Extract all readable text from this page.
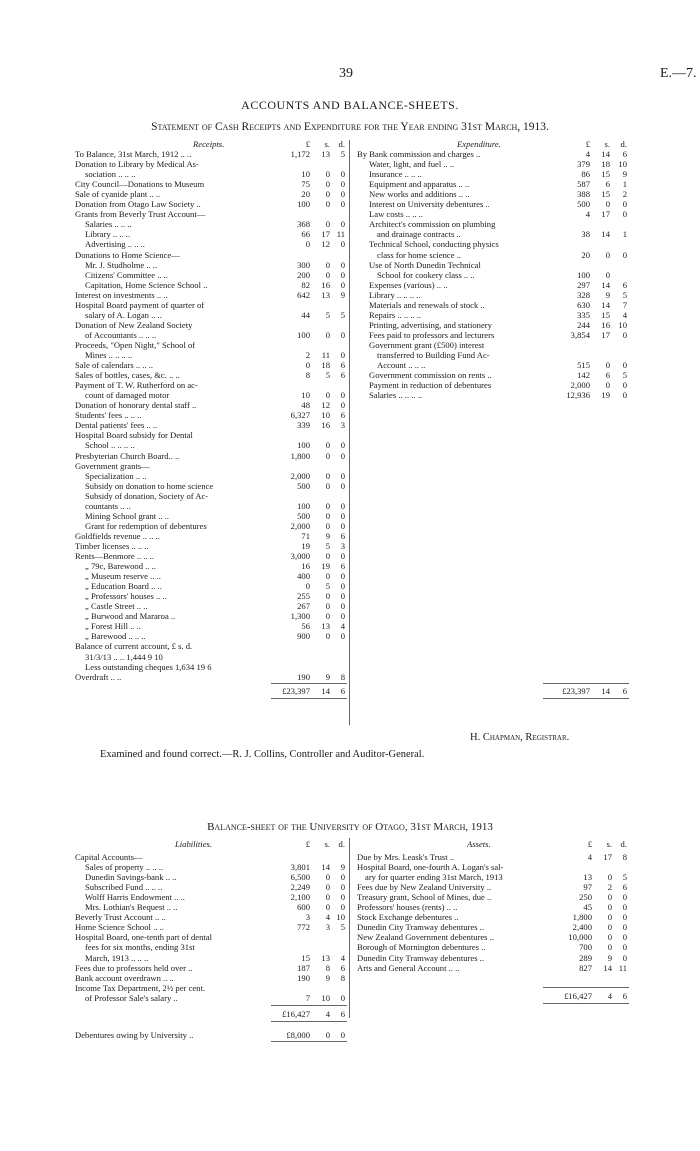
39	E.—7.
ACCOUNTS AND BALANCE-SHEETS.
Statement of Cash Receipts and Expenditure for the Year ending 31st March, 1913.
£	s. d.
Receipts.	£	s.	d.
Expenditure.
To Balance, 31st March, 1912 .. ..	1,172	13	5
Donation to Library by Medical As-
sociation .. .. ..	10	0	0
City Council—Donations to Museum	75	0	0
Sale of cyanide plant .. ..	20	0	0
Donation from Otago Law Society ..	100	0	0
Grants from Beverly Trust Account—
Salaries .. .. ..	368	0	0
Library .. .. ..	66	17 11
Advertising .. .. ..	0	12	0
Donations to Home Science—
Mr. J. Studholme .. ..	300	0	0
Citizens' Committee .. ..	200	0	0
Capitation, Home Science School ..	82	16	0
Interest on investments .. ..	642	13	9
Hospital Board payment of quarter of
salary of A. Logan .. ..	44	5	5
Donation of New Zealand Society
of Accountants .. .. ..	100	0	0
Proceeds, "Open Night," School of
Mines .. .. .. ..	2	11	0
Sale of calendars .. .. ..	0	18	6
Sales of bottles, cases, &c. .. ..	8	5	6
Payment of T. W. Rutherford on ac-
count of damaged motor	10	0	0
Donation of honorary dental staff ..	48	12	0
Students' fees .. .. ..	6,327	10	6
Dental patients' fees .. ..	339	16	3
Hospital Board subsidy for Dental
School .. .. .. ..	100	0	0
Presbyterian Church Board.. ..	1,800	0	0
Government grants—
Specialization .. ..	2,000	0	0
Subsidy on donation to home science	500	0	0
Subsidy of donation, Society of Ac-
countants .. ..	100	0	0
Mining School grant .. ..	500	0	0
Grant for redemption of debentures	2,000	0	0
Goldfields revenue .. .. ..	71	9	6
Timber licenses .. .. ..	19	5	3
Rents—Benmore .. .. ..	3,000	0	0
„ 79c, Barewood .. ..	16	19	6
„ Museum reserve .. ..	400	0	0
„ Education Board .. ..	0	5	0
„ Professors' houses .. ..	255	0	0
„ Castle Street .. ..	267	0	0
„ Burwood and Mararoa ..	1,300	0	0
„ Forest Hill .. ..	56	13	4
„ Barewood .. .. ..	900	0	0
Balance of current account, £ s. d.
31/3/13 .. .. 1,444 9 10
Less outstanding cheques 1,634 19 6
Overdraft .. ..	190	9	8
£23,397	14	6
By Bank commission and charges ..	4	14	6
Water, light, and fuel .. ..	379	18 10
Insurance .. .. ..	86	15	9
Equipment and apparatus .. ..	587	6	1
New works and additions .. ..	388	15	2
Interest on University debentures ..	500	0	0
Law costs .. .. ..	4	17	0
Architect's commission on plumbing
and drainage contracts ..	38	14	1
Technical School, conducting physics
class for home science ..	20	0	0
Use of North Dunedin Technical
School for cookery class .. ..	100	0
Expenses (various) .. ..	297	14	6
Library .. .. .. ..	328	9	5
Materials and renewals of stock ..	630	14	7
Repairs .. .. .. ..	335	15	4
Printing, advertising, and stationery	244	16 10
Fees paid to professors and lecturers	3,854	17	0
Government grant (£500) interest
transferred to Building Fund Ac-
Account .. .. ..	515	0	0
Government commission on rents ..	142	6	5
Payment in reduction of debentures	2,000	0	0
Salaries .. .. .. ..	12,936	19	0
£23,397	14	6
H. Chapman, Registrar.
Examined and found correct.—R. J. Collins, Controller and Auditor-General.
Balance-sheet of the University of Otago, 31st March, 1913
£	s. d.
Liabilities.	£	s. d.
Assets.
Capital Accounts—
Sales of property .. .. ..	3,801	14	9
Dunedin Savings-bank .. ..	6,500	0	0
Subscribed Fund .. .. ..	2,249	0	0
Wolff Harris Endowment .. ..	2,100	0	0
Mrs. Lothian's Bequest .. ..	600	0	0
Beverly Trust Account .. ..	3	4 10
Home Science School .. ..	772	3	5
Hospital Board, one-tenth part of dental
fees for six months, ending 31st
March, 1913 .. .. ..	15	13	4
Fees due to professors held over ..	187	8	6
Bank account overdrawn .. ..	190	9	8
Income Tax Department, 2½ per cent.
of Professor Sale's salary ..	7	10	0
£16,427	4	6
Debentures owing by University ..	£8,000	0	0
Due by Mrs. Leask's Trust ..	4	17	8
Hospital Board, one-fourth A. Logan's sal-
ary for quarter ending 31st March, 1913	13	0	5
Fees due by New Zealand University ..	97	2	6
Treasury grant, School of Mines, due ..	250	0	0
Professors' houses (rents) .. ..	45	0	0
Stock Exchange debentures ..	1,800	0	0
Dunedin City Tramway debentures ..	2,400	0	0
New Zealand Government debentures ..	10,000	0	0
Borough of Mornington debentures ..	700	0	0
Dunedin City Tramway debentures ..	289	9	0
Arts and General Account .. ..	827	14 11
£16,427	4	6
